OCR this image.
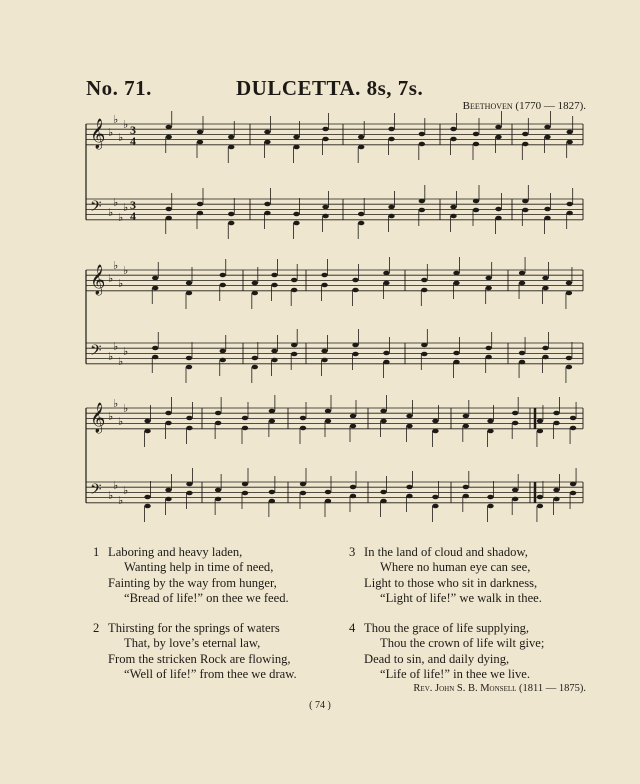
No. 71.	DULCETTA. 8s, 7s.
Beethoven (1770 — 1827).
𝄞 ♭
♭
♭
♭ 3
4
𝄢 ♭
♭
♭
♭ 3
4
𝄞 ♭
♭
♭
♭
𝄢 ♭
♭
♭
♭
𝄞 ♭
♭
♭
♭
𝄢 ♭
♭
♭
♭
1 Laboring and heavy laden,
Wanting help in time of need,
Fainting by the way from hunger,
“Bread of life!” on thee we feed.
2 Thirsting for the springs of waters
That, by love’s eternal law,
From the stricken Rock are flowing,
“Well of life!” from thee we draw.
3 In the land of cloud and shadow,
Where no human eye can see,
Light to those who sit in darkness,
“Light of life!” we walk in thee.
4 Thou the grace of life supplying,
Thou the crown of life wilt give;
Dead to sin, and daily dying,
“Life of life!” in thee we live.
Rev. John S. B. Monsell (1811 — 1875).
( 74 )
